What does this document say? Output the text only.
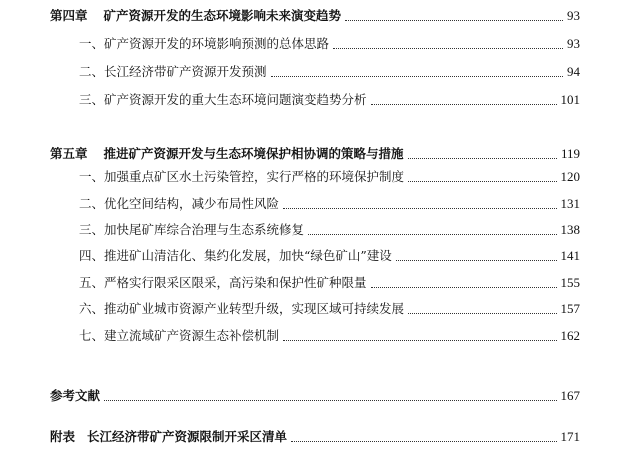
第四章 矿产资源开发的生态环境影响未来演变趋势	93
一、矿产资源开发的环境影响预测的总体思路	93
二、长江经济带矿产资源开发预测	94
三、矿产资源开发的重大生态环境问题演变趋势分析	101
第五章 推进矿产资源开发与生态环境保护相协调的策略与措施	119
一、加强重点矿区水土污染管控，实行严格的环境保护制度	120
二、优化空间结构，减少布局性风险	131
三、加快尾矿库综合治理与生态系统修复	138
四、推进矿山清洁化、集约化发展，加快“绿色矿山”建设	141
五、严格实行限采区限采，高污染和保护性矿种限量	155
六、推动矿业城市资源产业转型升级，实现区域可持续发展	157
七、建立流域矿产资源生态补偿机制	162
参考文献	167
附表 长江经济带矿产资源限制开采区清单	171
